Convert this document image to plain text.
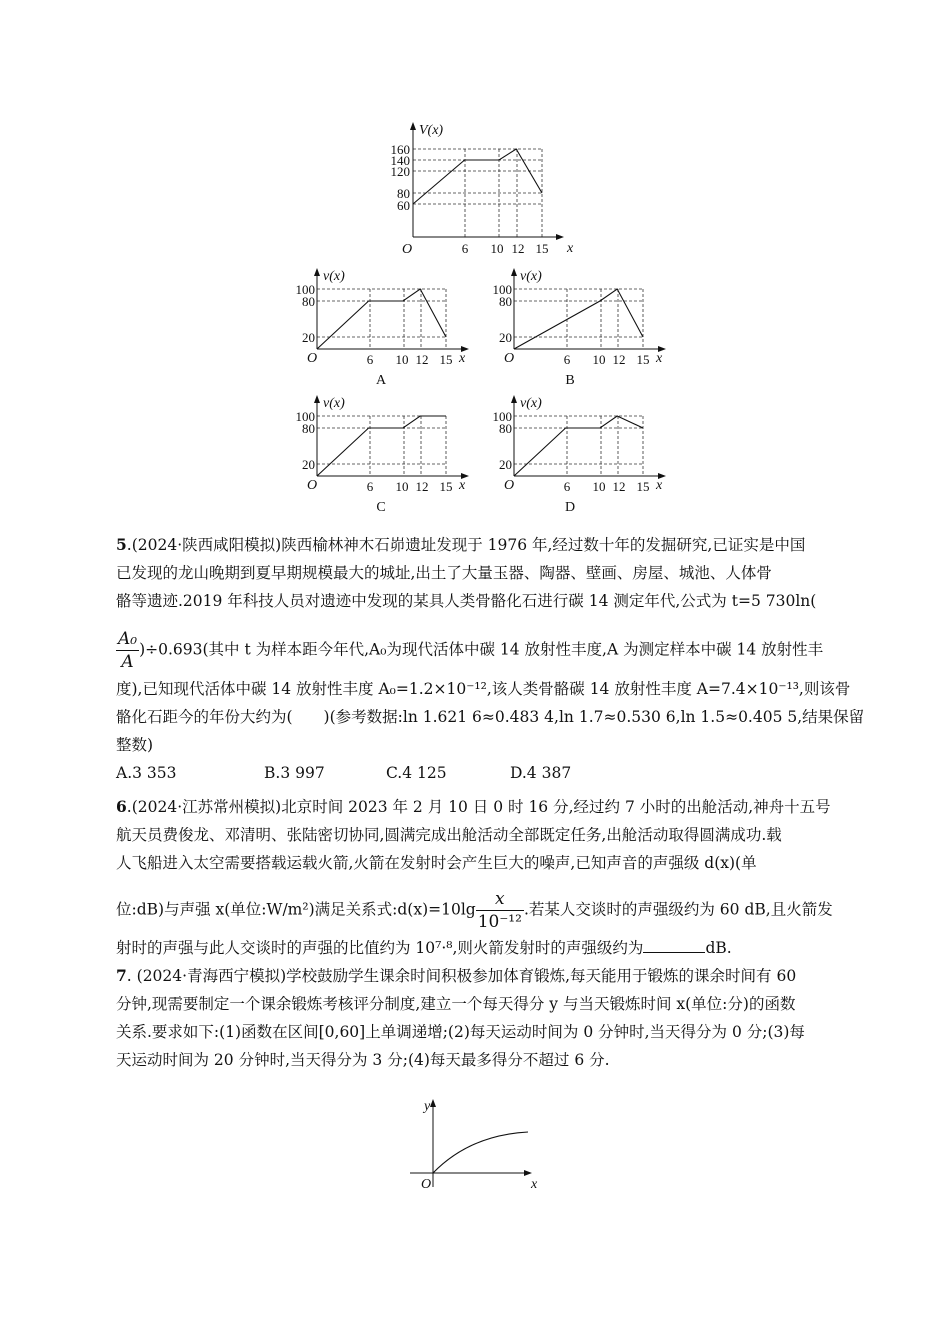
V(x)
x
O
160
140
120
80
60
6 10 12 15
v(x)
x
O
100
80
20
6 10 12 15
A
v(x)
x
O
100
80
20
6 10 12 15
B
v(x)
x
O
100
80
20
6 10 12 15
C
v(x)
x
O
100
80
20
6 10 12 15
D
5.(2024·陕西咸阳模拟)陕西榆林神木石峁遗址发现于 1976 年,经过数十年的发掘研究,已证实是中国
已发现的龙山晚期到夏早期规模最大的城址,出土了大量玉器、陶器、壁画、房屋、城池、人体骨
骼等遗迹.2019 年科技人员对遗迹中发现的某具人类骨骼化石进行碳 14 测定年代,公式为 t=5 730ln(
$\frac{\text{A₀}}{A} )\div 0.693$(其中 t 为样本距今年代,A₀为现代活体中碳 14 放射性丰度,A 为测定样本中碳 14 放射性丰
度),已知现代活体中碳 14 放射性丰度 A₀=1.2×10⁻¹²,该人类骨骼碳 14 放射性丰度 A=7.4×10⁻¹³,则该骨
骼化石距今的年份大约为(　　)(参考数据:ln 1.621 6≈0.483 4,ln 1.7≈0.530 6,ln 1.5≈0.405 5,结果保留
整数)
A.3 353	B.3 997	C.4 125	D.4 387
6.(2024·江苏常州模拟)北京时间 2023 年 2 月 10 日 0 时 16 分,经过约 7 小时的出舱活动,神舟十五号
航天员费俊龙、邓清明、张陆密切协同,圆满完成出舱活动全部既定任务,出舱活动取得圆满成功.载
人飞船进入太空需要搭载运载火箭,火箭在发射时会产生巨大的噪声,已知声音的声强级 d(x)(单
位:dB)与声强 x(单位:W/m²)满足关系式:d(x)=10lg $\frac{x}{\text{10⁻¹²}}$ .若某人交谈时的声强级约为 60 dB,且火箭发
射时的声强与此人交谈时的声强的比值约为 10⁷·⁸,则火箭发射时的声强级约为	dB.
7. (2024·青海西宁模拟)学校鼓励学生课余时间积极参加体育锻炼,每天能用于锻炼的课余时间有 60
分钟,现需要制定一个课余锻炼考核评分制度,建立一个每天得分 y 与当天锻炼时间 x(单位:分)的函数
关系.要求如下:(1)函数在区间[0,60]上单调递增;(2)每天运动时间为 0 分钟时,当天得分为 0 分;(3)每
天运动时间为 20 分钟时,当天得分为 3 分;(4)每天最多得分不超过 6 分.
y
x
O
